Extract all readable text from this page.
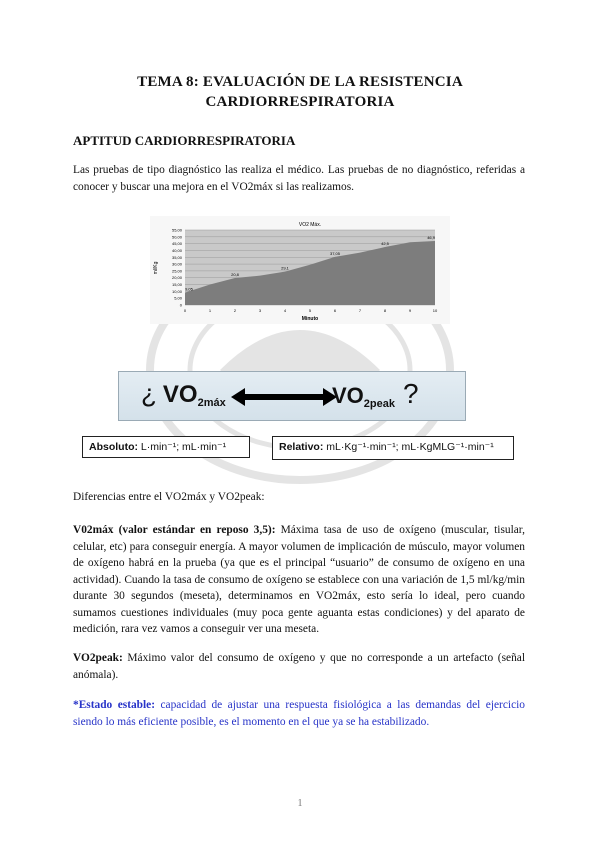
TEMA 8: EVALUACIÓN DE LA RESISTENCIA
CARDIORRESPIRATORIA
APTITUD CARDIORRESPIRATORIA
Las pruebas de tipo diagnóstico las realiza el médico. Las pruebas de no diagnóstico, referidas a conocer y buscar una mejora en el VO2máx si las realizamos.
9,05
20,8
29,1
37,05
42,5
46,9
0
5,00
10,00
15,00
20,00
25,00
30,00
35,00
40,00
45,00
50,00
55,00
0	1	2	3	4	5	6	7	8	9	10
VO2 Máx.
Minuto
ml/Kg
¿ $VO_{2máx}$	$VO_{2peak}$ ?
Absoluto: L·min⁻¹; mL·min⁻¹	Relativo: mL·Kg⁻¹·min⁻¹; mL·KgMLG⁻¹·min⁻¹
Diferencias entre el VO2máx y VO2peak:
V02máx (valor estándar en reposo 3,5): Máxima tasa de uso de oxígeno (muscular, tisular, celular, etc) para conseguir energía. A mayor volumen de implicación de músculo, mayor volumen de oxígeno habrá en la prueba (ya que es el principal “usuario” de consumo de oxígeno en una actividad). Cuando la tasa de consumo de oxígeno se establece con una variación de 1,5 ml/kg/min durante 30 segundos (meseta), determinamos en VO2máx, esto sería lo ideal, pero cuando sumamos cuestiones individuales (muy poca gente aguanta estas condiciones) y del aparato de medición, rara vez vamos a conseguir ver una meseta.
VO2peak: Máximo valor del consumo de oxígeno y que no corresponde a un artefacto (señal anómala).
*Estado estable: capacidad de ajustar una respuesta fisiológica a las demandas del ejercicio siendo lo más eficiente posible, es el momento en el que ya se ha estabilizado.
1
